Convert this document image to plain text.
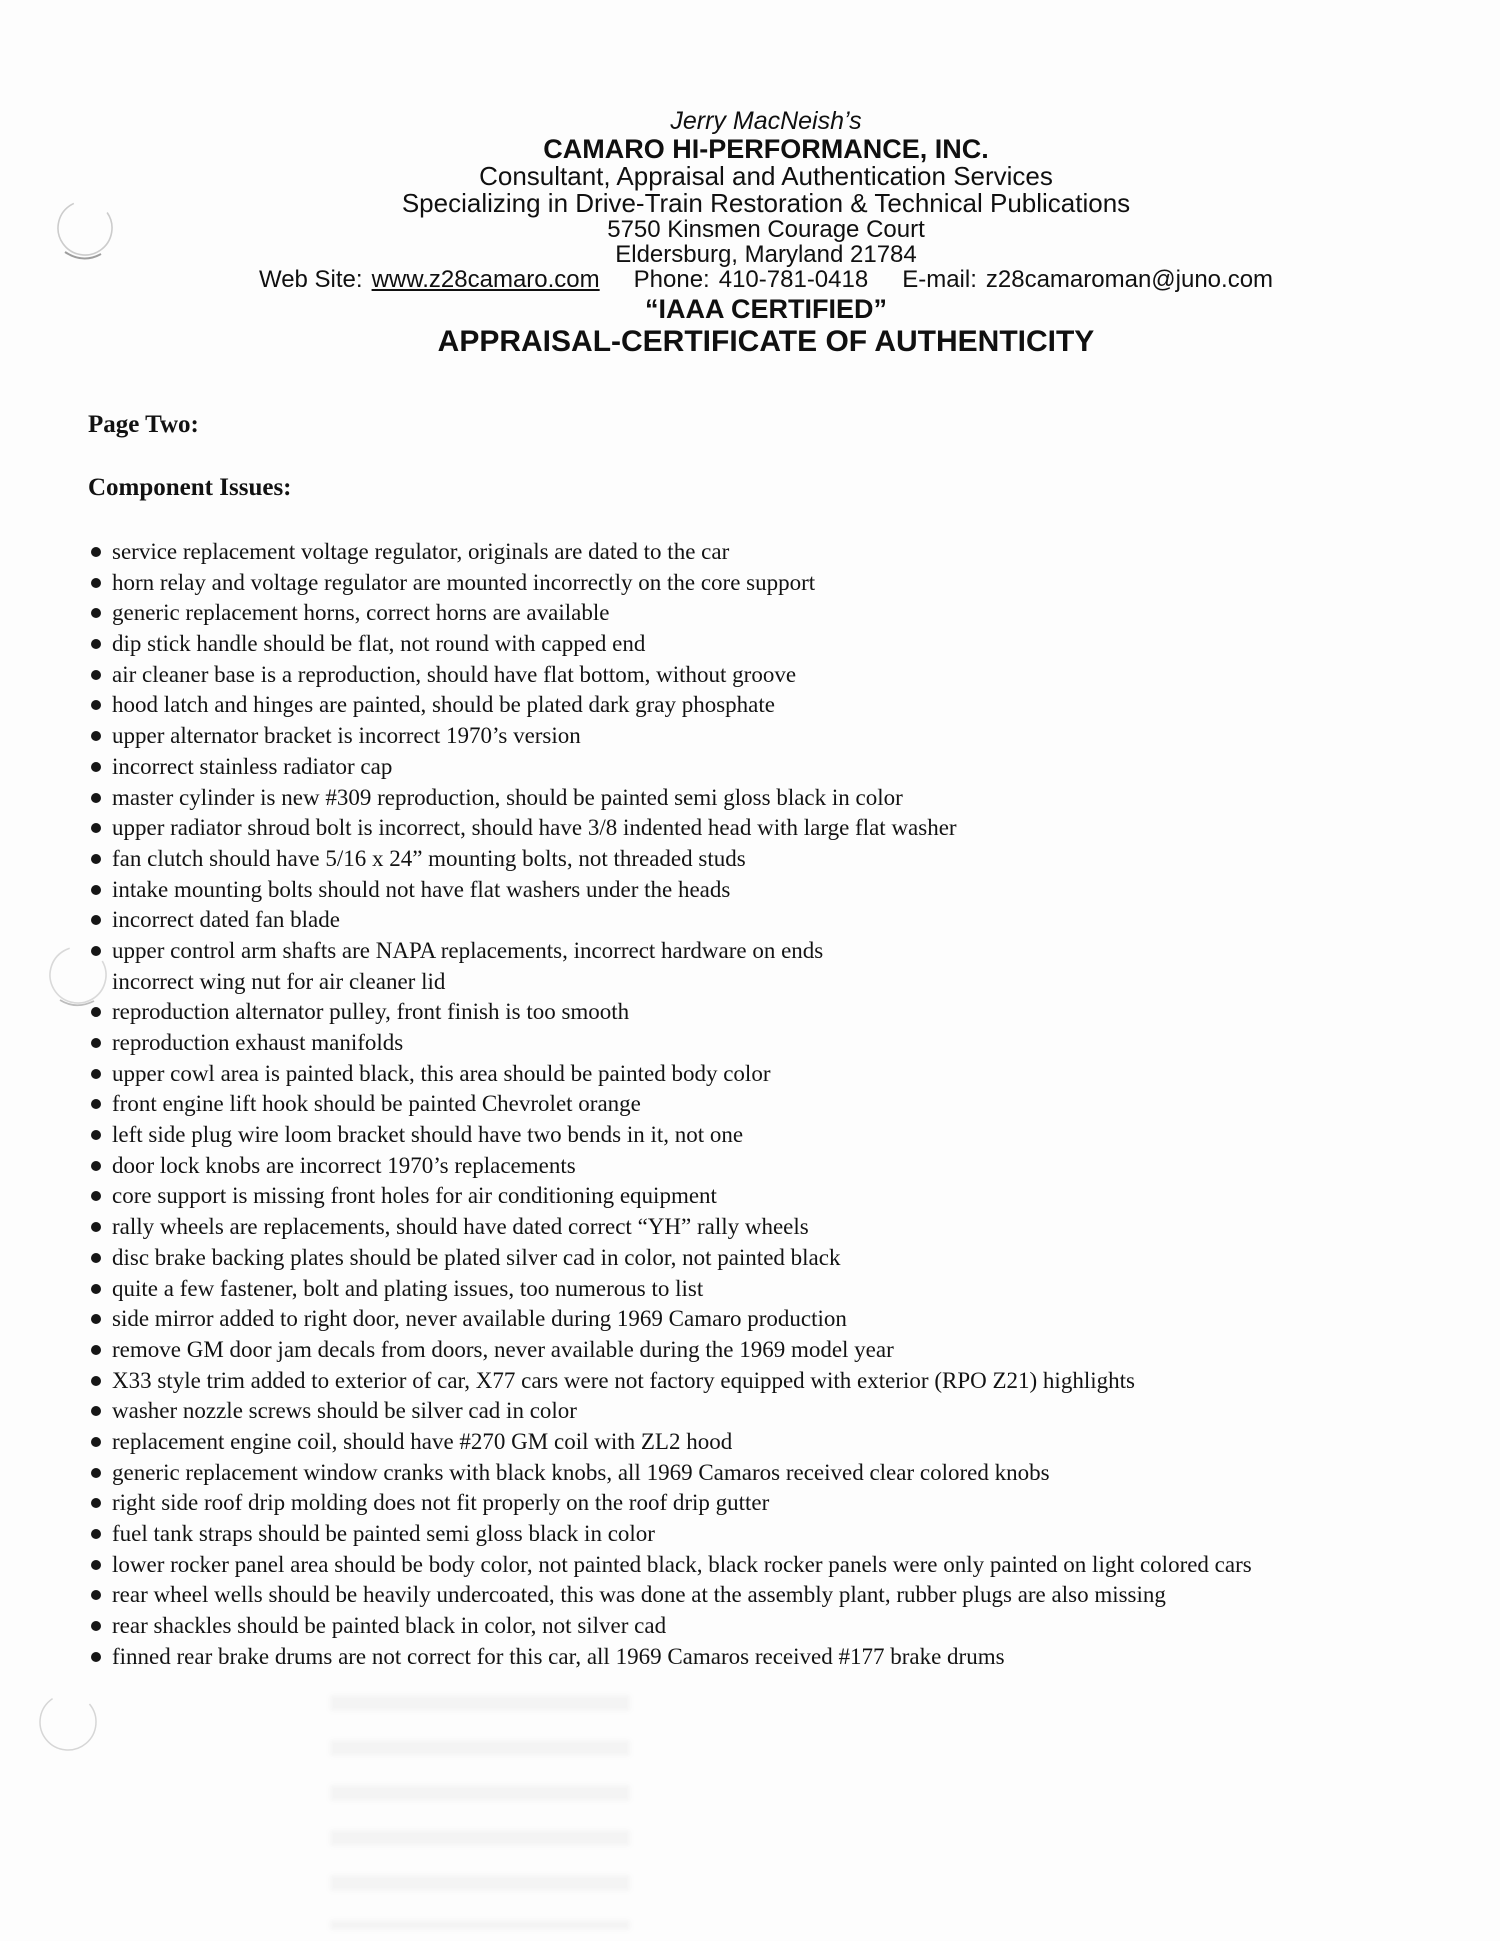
Jerry MacNeish’s
CAMARO HI-PERFORMANCE, INC.
Consultant, Appraisal and Authentication Services
Specializing in Drive-Train Restoration & Technical Publications
5750 Kinsmen Courage Court
Eldersburg, Maryland 21784
Web Site: www.z28camaro.com Phone: 410-781-0418 E-mail: z28camaroman@juno.com
“IAAA CERTIFIED”
APPRAISAL-CERTIFICATE OF AUTHENTICITY
Page Two:
Component Issues:
service replacement voltage regulator, originals are dated to the car
horn relay and voltage regulator are mounted incorrectly on the core support
generic replacement horns, correct horns are available
dip stick handle should be flat, not round with capped end
air cleaner base is a reproduction, should have flat bottom, without groove
hood latch and hinges are painted, should be plated dark gray phosphate
upper alternator bracket is incorrect 1970’s version
incorrect stainless radiator cap
master cylinder is new #309 reproduction, should be painted semi gloss black in color
upper radiator shroud bolt is incorrect, should have 3/8 indented head with large flat washer
fan clutch should have 5/16 x 24” mounting bolts, not threaded studs
intake mounting bolts should not have flat washers under the heads
incorrect dated fan blade
upper control arm shafts are NAPA replacements, incorrect hardware on ends
incorrect wing nut for air cleaner lid
reproduction alternator pulley, front finish is too smooth
reproduction exhaust manifolds
upper cowl area is painted black, this area should be painted body color
front engine lift hook should be painted Chevrolet orange
left side plug wire loom bracket should have two bends in it, not one
door lock knobs are incorrect 1970’s replacements
core support is missing front holes for air conditioning equipment
rally wheels are replacements, should have dated correct “YH” rally wheels
disc brake backing plates should be plated silver cad in color, not painted black
quite a few fastener, bolt and plating issues, too numerous to list
side mirror added to right door, never available during 1969 Camaro production
remove GM door jam decals from doors, never available during the 1969 model year
X33 style trim added to exterior of car, X77 cars were not factory equipped with exterior (RPO Z21) highlights
washer nozzle screws should be silver cad in color
replacement engine coil, should have #270 GM coil with ZL2 hood
generic replacement window cranks with black knobs, all 1969 Camaros received clear colored knobs
right side roof drip molding does not fit properly on the roof drip gutter
fuel tank straps should be painted semi gloss black in color
lower rocker panel area should be body color, not painted black, black rocker panels were only painted on light colored cars
rear wheel wells should be heavily undercoated, this was done at the assembly plant, rubber plugs are also missing
rear shackles should be painted black in color, not silver cad
finned rear brake drums are not correct for this car, all 1969 Camaros received #177 brake drums
